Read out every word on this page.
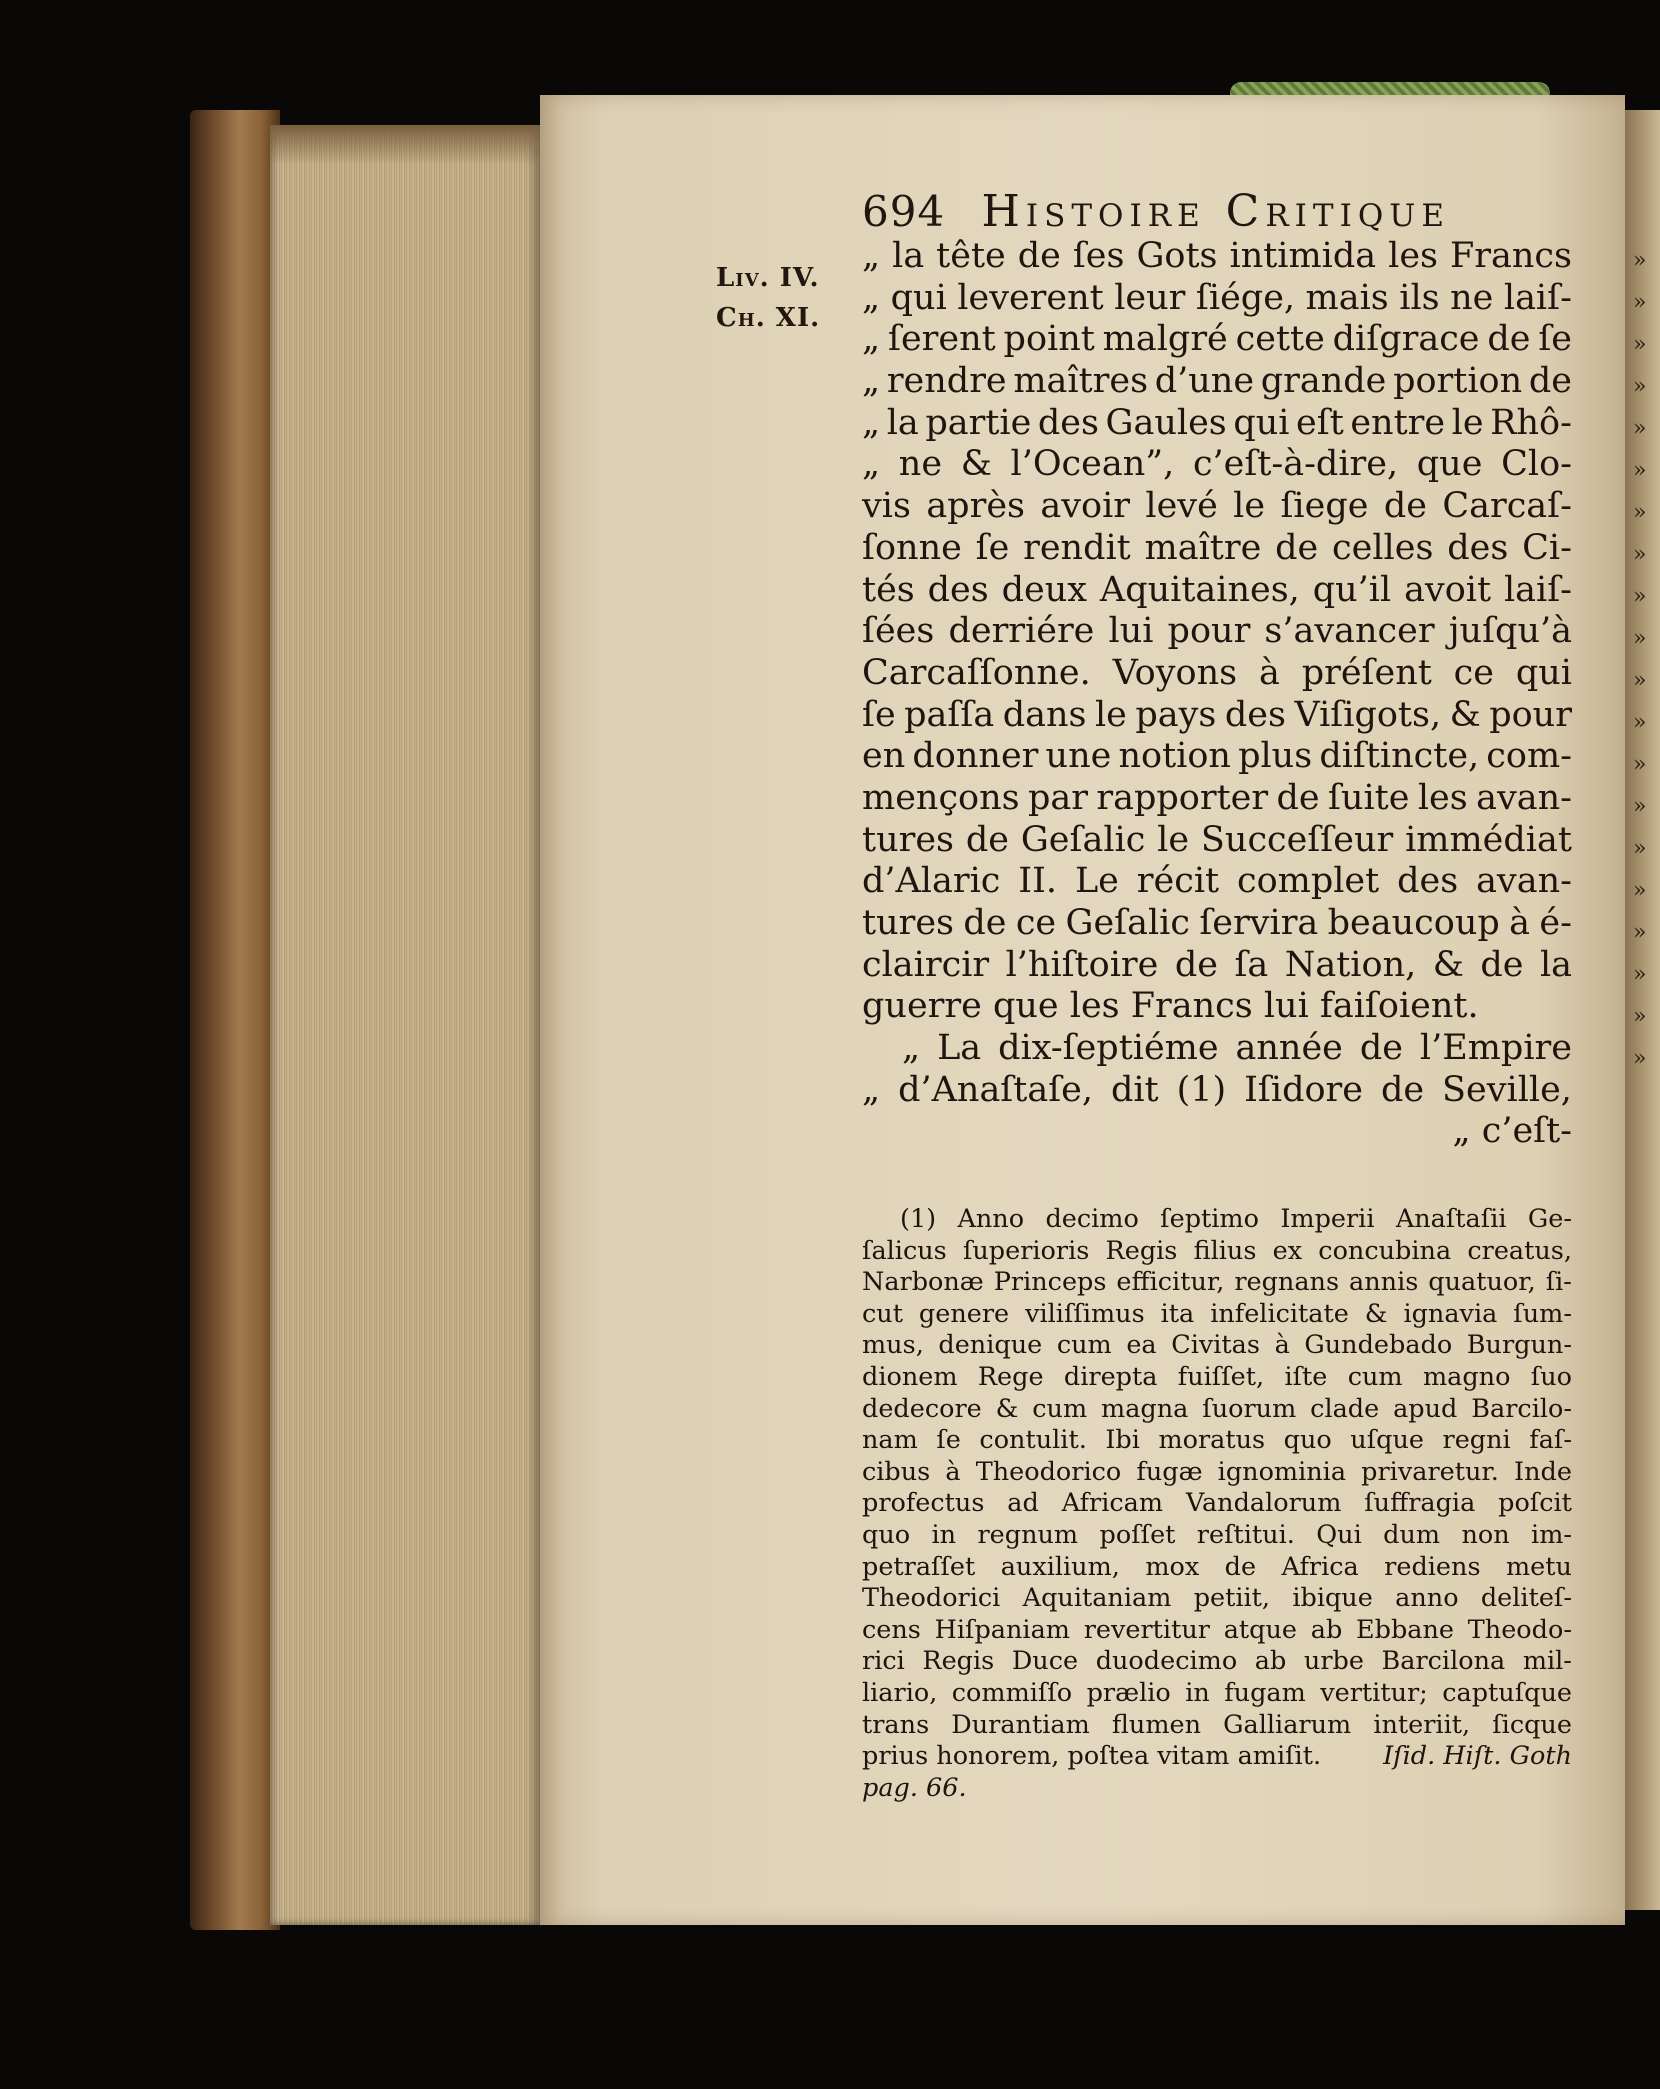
»
»
»
»
»
»
»
»
»
»
»
»
»
»
»
»
»
»
»
»
694 Histoire Critique
Liv. IV.
Ch. XI.
„ la tête de ſes Gots intimida les Francs
„ qui leverent leur ſiége, mais ils ne laiſ-
„ ſerent point malgré cette diſgrace de ſe
„ rendre maîtres d’une grande portion de
„ la partie des Gaules qui eſt entre le Rhô-
„ ne & l’Ocean”, c’eſt-à-dire, que Clo-
vis après avoir levé le ſiege de Carcaſ-
ſonne ſe rendit maître de celles des Ci-
tés des deux Aquitaines, qu’il avoit laiſ-
ſées derriére lui pour s’avancer juſqu’à
Carcaſſonne. Voyons à préſent ce qui
ſe paſſa dans le pays des Viſigots, & pour
en donner une notion plus diſtincte, com-
mençons par rapporter de ſuite les avan-
tures de Geſalic le Succeſſeur immédiat
d’Alaric II. Le récit complet des avan-
tures de ce Geſalic ſervira beaucoup à é-
claircir l’hiſtoire de ſa Nation, & de la
guerre que les Francs lui faiſoient.
„ La dix-ſeptiéme année de l’Empire
„ d’Anaſtaſe, dit (1) Iſidore de Seville,
„ c’eſt-
(1) Anno decimo ſeptimo Imperii Anaſtaſii Ge-
ſalicus ſuperioris Regis filius ex concubina creatus,
Narbonæ Princeps efficitur, regnans annis quatuor, ſi-
cut genere viliſſimus ita infelicitate & ignavia ſum-
mus, denique cum ea Civitas à Gundebado Burgun-
dionem Rege direpta fuiſſet, iſte cum magno ſuo
dedecore & cum magna ſuorum clade apud Barcilo-
nam ſe contulit. Ibi moratus quo uſque regni faſ-
cibus à Theodorico fugæ ignominia privaretur. Inde
profectus ad Africam Vandalorum ſuffragia poſcit
quo in regnum poſſet reſtitui. Qui dum non im-
petraſſet auxilium, mox de Africa rediens metu
Theodorici Aquitaniam petiit, ibique anno deliteſ-
cens Hiſpaniam revertitur atque ab Ebbane Theodo-
rici Regis Duce duodecimo ab urbe Barcilona mil-
liario, commiſſo prælio in fugam vertitur; captuſque
trans Durantiam flumen Galliarum interiit, ſicque
prius honorem, poſtea vitam amiſit. Iſid. Hiſt. Goth
pag. 66.
